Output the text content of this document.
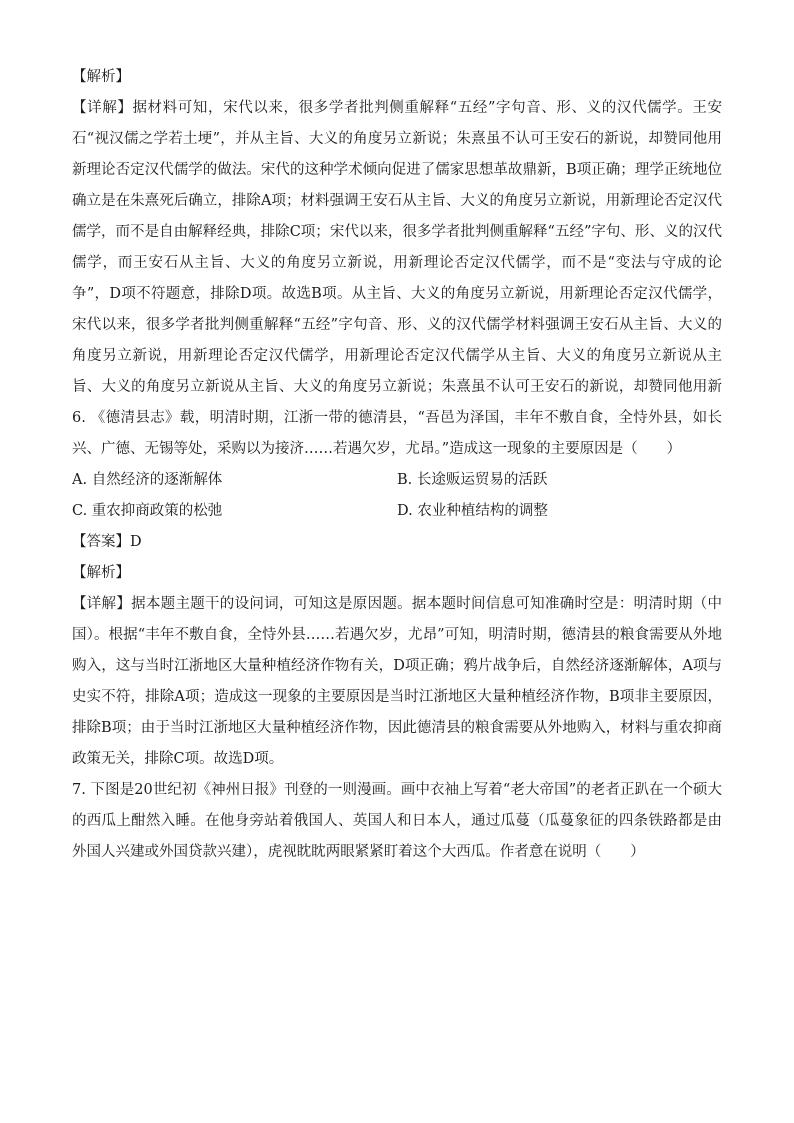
【解析】
【详解】据材料可知，宋代以来，很多学者批判侧重解释“五经”字句音、形、义的汉代儒学。王安石“视汉儒之学若土埂”，并从主旨、大义的角度另立新说；朱熹虽不认可王安石的新说，却赞同他用新理论否定汉代儒学的做法。宋代的这种学术倾向促进了儒家思想革故鼎新，B项正确；理学正统地位确立是在朱熹死后确立，排除A项；材料强调王安石从主旨、大义的角度另立新说，用新理论否定汉代儒学，而不是自由解释经典，排除C项；宋代以来，很多学者批判侧重解释“五经”字句、形、义的汉代儒学，而王安石从主旨、大义的角度另立新说，用新理论否定汉代儒学，而不是“变法与守成的论争”，D项不符题意，排除D项。故选B项。从主旨、大义的角度另立新说，用新理论否定汉代儒学，宋代以来，很多学者批判侧重解释“五经”字句音、形、义的汉代儒学材料强调王安石从主旨、大义的角度另立新说，用新理论否定汉代儒学，用新理论否定汉代儒学从主旨、大义的角度另立新说从主旨、大义的角度另立新说从主旨、大义的角度另立新说；朱熹虽不认可王安石的新说，却赞同他用新
6. 《德清县志》载，明清时期，江浙一带的德清县，“吾邑为泽国，丰年不敷自食，全恃外县，如长兴、广德、无锡等处，采购以为接济……若遇欠岁，尤昂。”造成这一现象的主要原因是（　　）
A. 自然经济的逐渐解体	B. 长途贩运贸易的活跃
C. 重农抑商政策的松弛	D. 农业种植结构的调整
【答案】D
【解析】
【详解】据本题主题干的设问词，可知这是原因题。据本题时间信息可知准确时空是：明清时期（中国）。根据“丰年不敷自食，全恃外县……若遇欠岁，尤昂”可知，明清时期，德清县的粮食需要从外地购入，这与当时江浙地区大量种植经济作物有关，D项正确；鸦片战争后，自然经济逐渐解体，A项与史实不符，排除A项；造成这一现象的主要原因是当时江浙地区大量种植经济作物，B项非主要原因，排除B项；由于当时江浙地区大量种植经济作物，因此德清县的粮食需要从外地购入，材料与重农抑商政策无关，排除C项。故选D项。
7. 下图是20世纪初《神州日报》刊登的一则漫画。画中衣袖上写着“老大帝国”的老者正趴在一个硕大的西瓜上酣然入睡。在他身旁站着俄国人、英国人和日本人，通过瓜蔓（瓜蔓象征的四条铁路都是由外国人兴建或外国贷款兴建），虎视眈眈两眼紧紧盯着这个大西瓜。作者意在说明（　　）
